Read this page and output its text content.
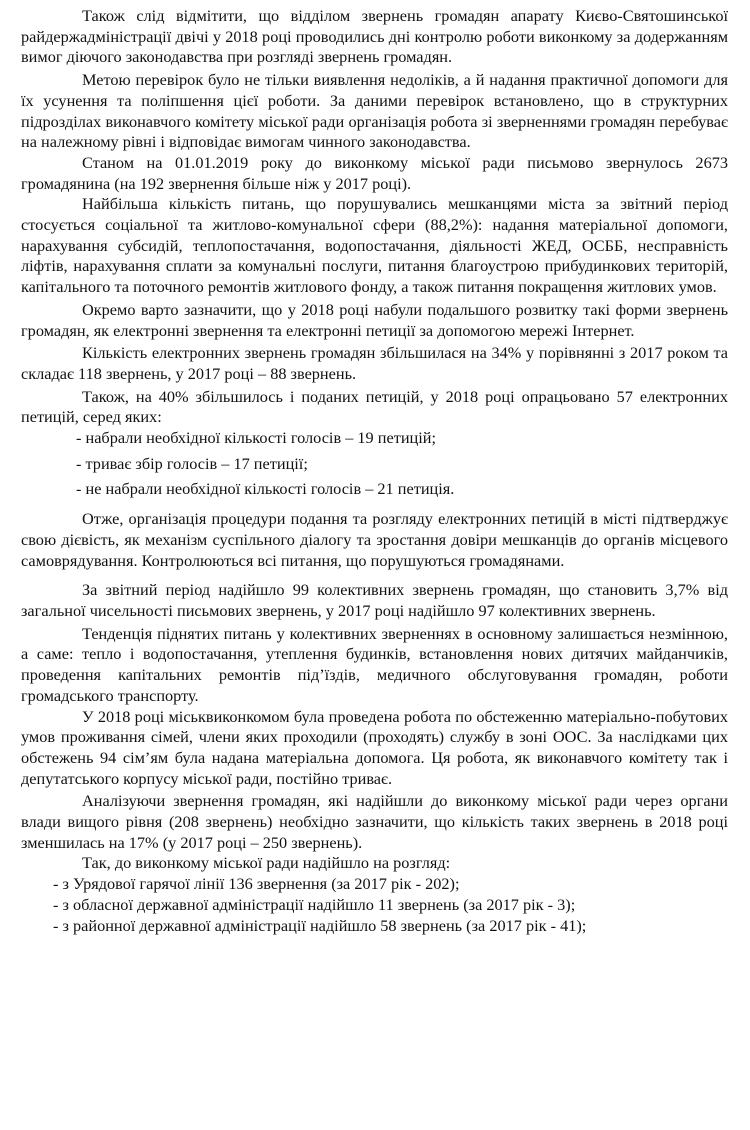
Також слід відмітити, що відділом звернень громадян апарату Києво-Святошинської райдержадміністрації двічі у 2018 році проводились дні контролю роботи виконкому за додержанням вимог діючого законодавства при розгляді звернень громадян.

Метою перевірок було не тільки виявлення недоліків, а й надання практичної допомоги для їх усунення та поліпшення цієї роботи. За даними перевірок встановлено, що в структурних підрозділах виконавчого комітету міської ради організація робота зі зверненнями громадян перебуває на належному рівні і відповідає вимогам чинного законодавства.

Станом на 01.01.2019 року до виконкому міської ради письмово звернулось 2673 громадянина (на 192 звернення більше ніж у 2017 році).

Найбільша кількість питань, що порушувались мешканцями міста за звітний період стосується соціальної та житлово-комунальної сфери (88,2%): надання матеріальної допомоги, нарахування субсидій, теплопостачання, водопостачання, діяльності ЖЕД, ОСББ, несправність ліфтів, нарахування сплати за комунальні послуги, питання благоустрою прибудинкових територій, капітального та поточного ремонтів житлового фонду, а також питання покращення житлових умов.

Окремо варто зазначити, що у 2018 році набули подальшого розвитку такі форми звернень громадян, як електронні звернення та електронні петиції за допомогою мережі Інтернет.

Кількість електронних звернень громадян збільшилася на 34% у порівнянні з 2017 роком та складає 118 звернень, у 2017 році – 88 звернень.

Також, на 40% збільшилось і поданих петицій, у 2018 році опрацьовано 57 електронних петицій, серед яких:

- набрали необхідної кількості голосів – 19 петицій;

- триває збір голосів – 17 петиції;

- не набрали необхідної кількості голосів – 21 петиція.

Отже, організація процедури подання та розгляду електронних петицій в місті підтверджує свою дієвість, як механізм суспільного діалогу та зростання довіри мешканців до органів місцевого самоврядування. Контролюються всі питання, що порушуються громадянами.

За звітний період надійшло 99 колективних звернень громадян, що становить 3,7% від загальної чисельності письмових звернень, у 2017 році надійшло 97 колективних звернень.

Тенденція піднятих питань у колективних зверненнях в основному залишається незмінною, а саме: тепло і водопостачання, утеплення будинків, встановлення нових дитячих майданчиків, проведення капітальних ремонтів під’їздів, медичного обслуговування громадян, роботи громадського транспорту.

У 2018 році міськвиконкомом була проведена робота по обстеженню матеріально-побутових умов проживання сімей, члени яких проходили (проходять) службу в зоні ООС. За наслідками цих обстежень 94 сім’ям була надана матеріальна допомога. Ця робота, як виконавчого комітету так і депутатського корпусу міської ради, постійно триває.

Аналізуючи звернення громадян, які надійшли до виконкому міської ради через органи влади вищого рівня (208 звернень) необхідно зазначити, що кількість таких звернень в 2018 році зменшилась на 17% (у 2017 році – 250 звернень).

Так, до виконкому міської ради надійшло на розгляд:

- з Урядової гарячої лінії 136 звернення (за 2017 рік - 202);

- з обласної державної адміністрації надійшло 11 звернень (за 2017 рік - 3);

- з районної державної адміністрації надійшло 58 звернень (за 2017 рік - 41);
